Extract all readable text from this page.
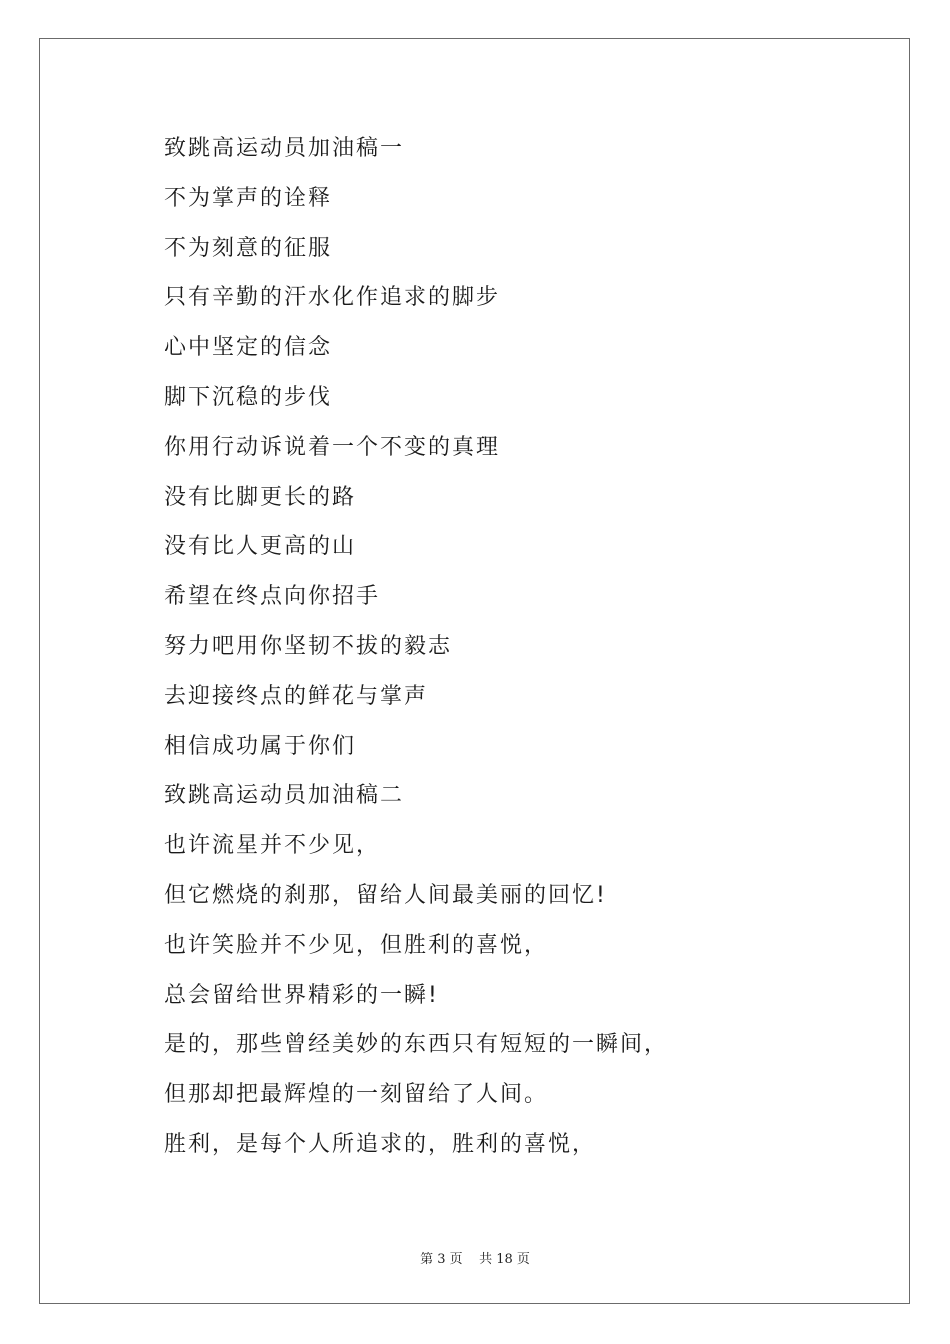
致跳高运动员加油稿一
不为掌声的诠释
不为刻意的征服
只有辛勤的汗水化作追求的脚步
心中坚定的信念
脚下沉稳的步伐
你用行动诉说着一个不变的真理
没有比脚更长的路
没有比人更高的山
希望在终点向你招手
努力吧用你坚韧不拔的毅志
去迎接终点的鲜花与掌声
相信成功属于你们
致跳高运动员加油稿二
也许流星并不少见，
但它燃烧的刹那，留给人间最美丽的回忆!
也许笑脸并不少见，但胜利的喜悦，
总会留给世界精彩的一瞬!
是的，那些曾经美妙的东西只有短短的一瞬间，
但那却把最辉煌的一刻留给了人间。
胜利，是每个人所追求的，胜利的喜悦，
第 3 页    共 18 页
